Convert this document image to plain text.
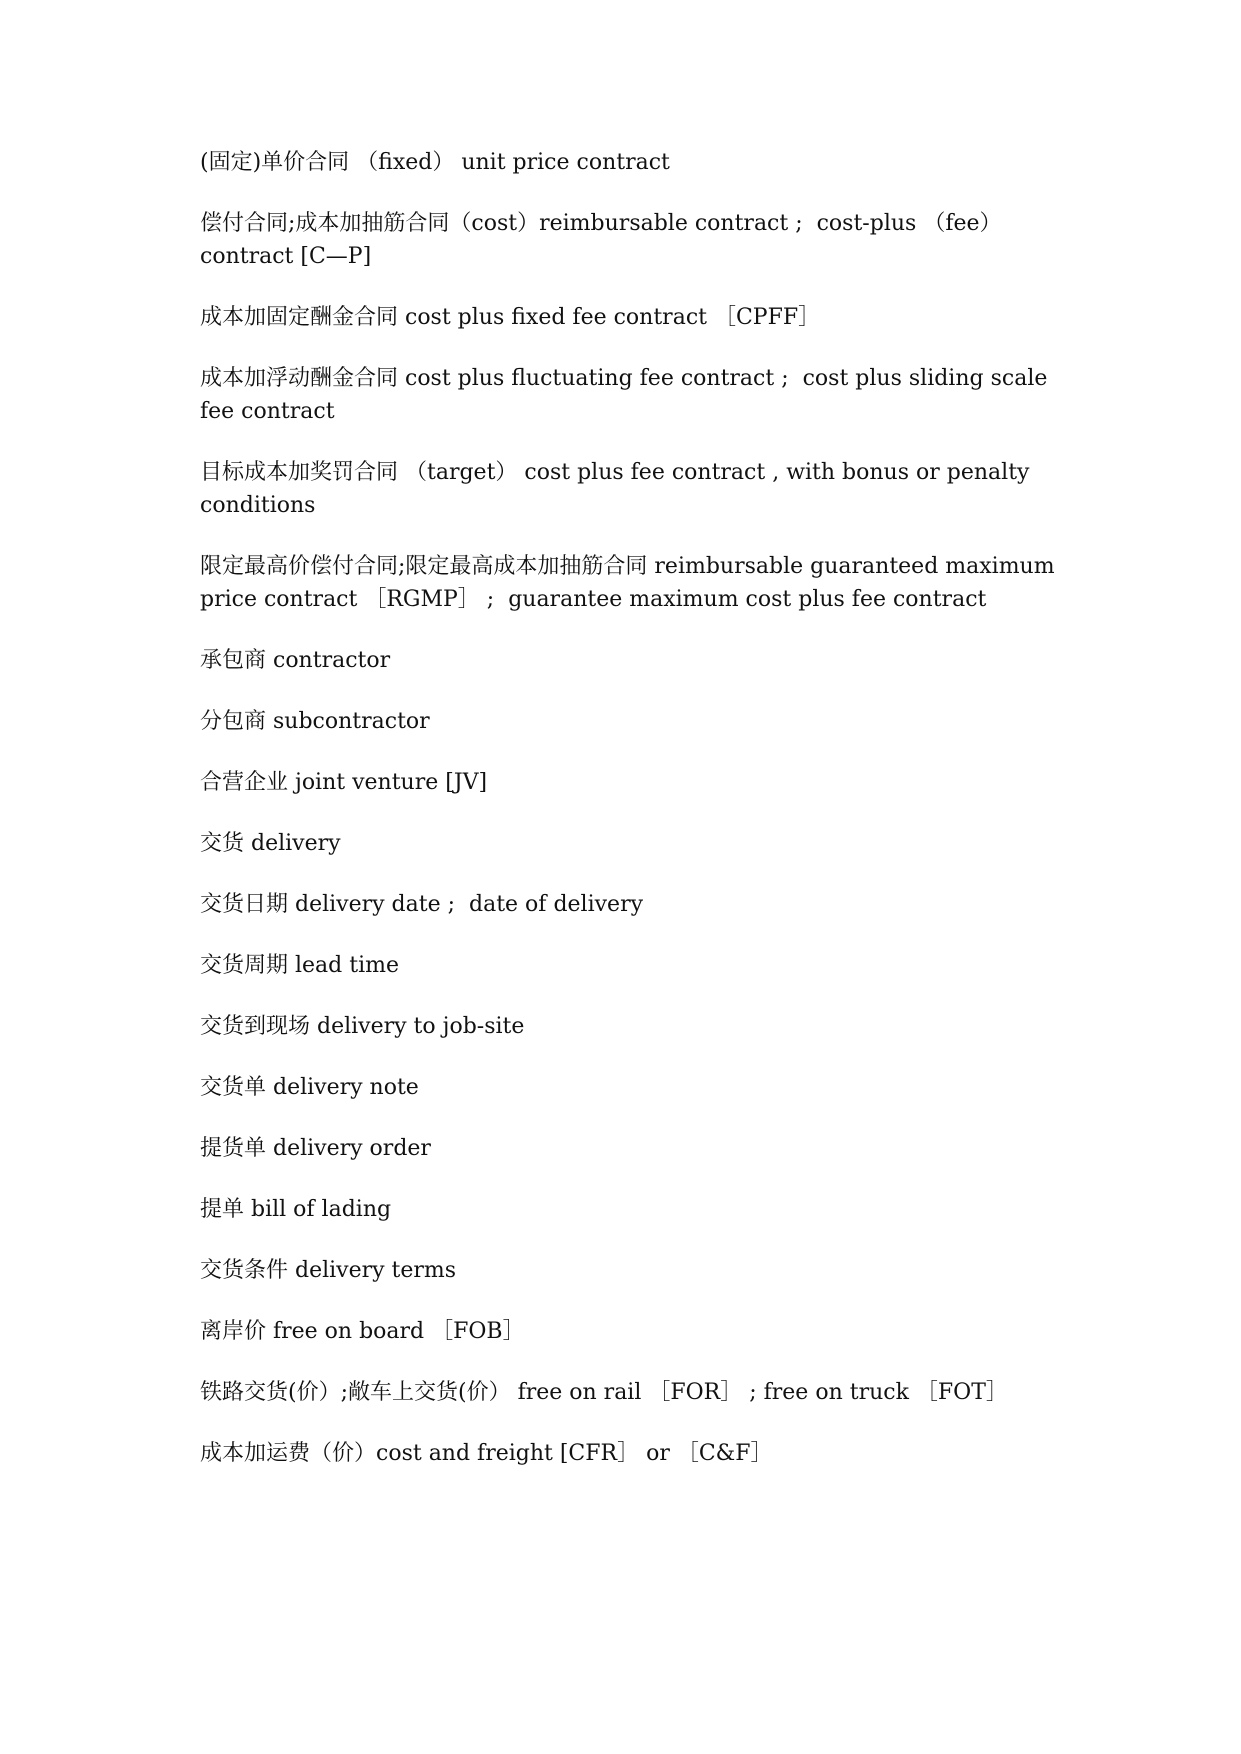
(固定)单价合同 （fixed） unit price contract
偿付合同;成本加抽筋合同（cost）reimbursable contract ;  cost-plus （fee） contract [C—P]
成本加固定酬金合同 cost plus fixed fee contract ［CPFF］
成本加浮动酬金合同 cost plus fluctuating fee contract ;  cost plus sliding scale fee contract
目标成本加奖罚合同 （target） cost plus fee contract , with bonus or penalty conditions
限定最高价偿付合同;限定最高成本加抽筋合同 reimbursable guaranteed maximum price contract ［RGMP］ ;  guarantee maximum cost plus fee contract
承包商 contractor
分包商 subcontractor
合营企业 joint venture [JV]
交货 delivery
交货日期 delivery date ;  date of delivery
交货周期 lead time
交货到现场 delivery to job-site
交货单 delivery note
提货单 delivery order
提单 bill of lading
交货条件 delivery terms
离岸价 free on board ［FOB］
铁路交货(价）;敞车上交货(价） free on rail ［FOR］ ; free on truck ［FOT］
成本加运费（价）cost and freight [CFR］ or ［C&F］
